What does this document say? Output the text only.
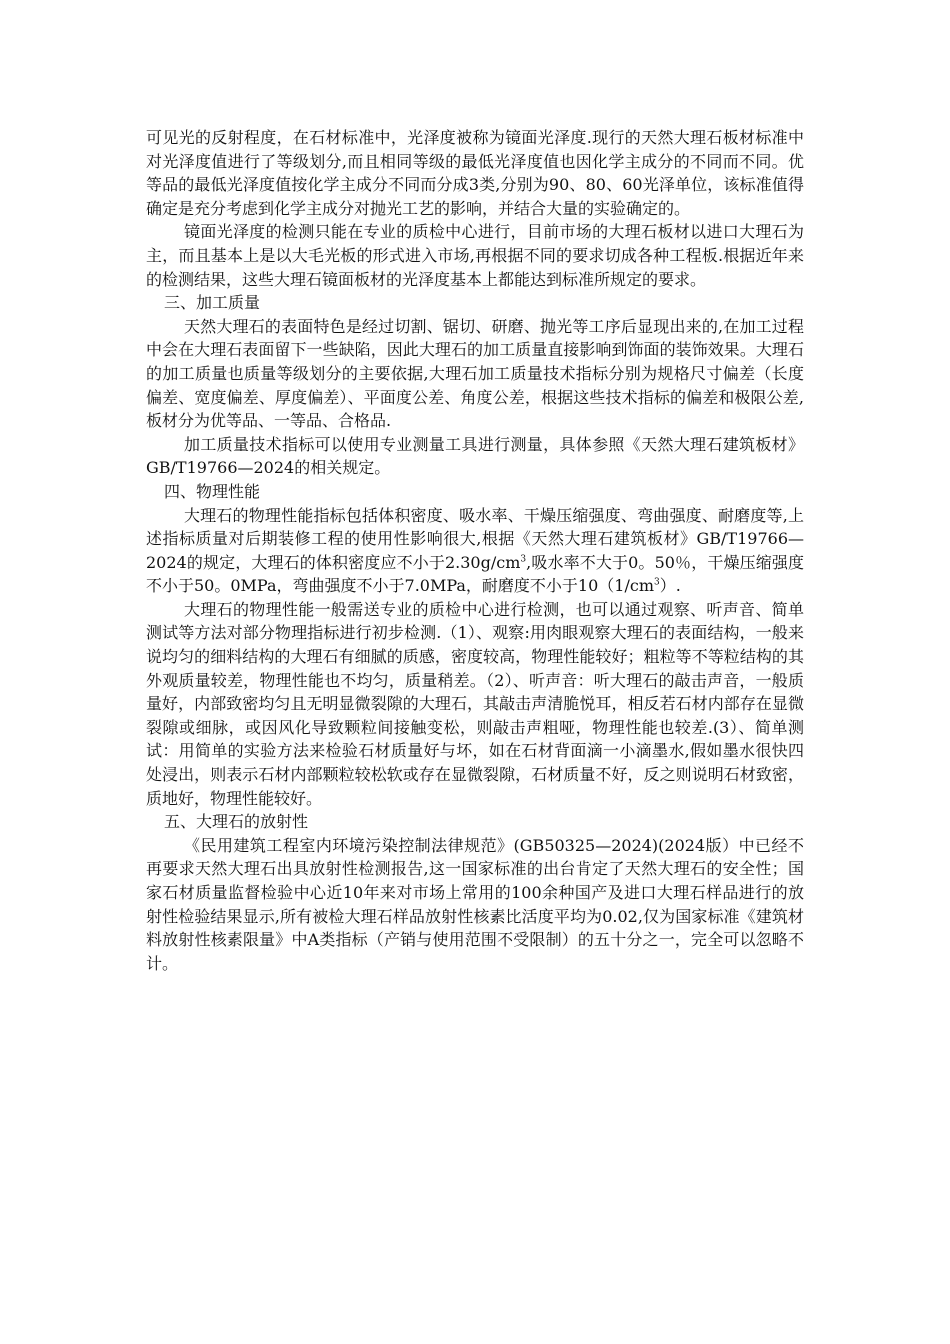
可见光的反射程度，在石材标准中，光泽度被称为镜面光泽度.现行的天然大理石板材标准中对光泽度值进行了等级划分,而且相同等级的最低光泽度值也因化学主成分的不同而不同。优等品的最低光泽度值按化学主成分不同而分成3类,分别为90、80、60光泽单位，该标准值得确定是充分考虑到化学主成分对抛光工艺的影响，并结合大量的实验确定的。

镜面光泽度的检测只能在专业的质检中心进行，目前市场的大理石板材以进口大理石为主，而且基本上是以大毛光板的形式进入市场,再根据不同的要求切成各种工程板.根据近年来的检测结果，这些大理石镜面板材的光泽度基本上都能达到标准所规定的要求。

三、加工质量

天然大理石的表面特色是经过切割、锯切、研磨、抛光等工序后显现出来的,在加工过程中会在大理石表面留下一些缺陷，因此大理石的加工质量直接影响到饰面的装饰效果。大理石的加工质量也质量等级划分的主要依据,大理石加工质量技术指标分别为规格尺寸偏差（长度偏差、宽度偏差、厚度偏差）、平面度公差、角度公差，根据这些技术指标的偏差和极限公差,板材分为优等品、一等品、合格品.

加工质量技术指标可以使用专业测量工具进行测量，具体参照《天然大理石建筑板材》GB/T19766—2024的相关规定。

四、物理性能

大理石的物理性能指标包括体积密度、吸水率、干燥压缩强度、弯曲强度、耐磨度等,上述指标质量对后期装修工程的使用性影响很大,根据《天然大理石建筑板材》GB/T19766—2024的规定，大理石的体积密度应不小于$2.30g/cm^3$,吸水率不大于0。50％，干燥压缩强度不小于50。0MPa，弯曲强度不小于7.0MPa，耐磨度不小于$10(1/cm^3)$.

大理石的物理性能一般需送专业的质检中心进行检测，也可以通过观察、听声音、简单测试等方法对部分物理指标进行初步检测.（1）、观察:用肉眼观察大理石的表面结构，一般来说均匀的细料结构的大理石有细腻的质感，密度较高，物理性能较好；粗粒等不等粒结构的其外观质量较差，物理性能也不均匀，质量稍差。（2）、听声音：听大理石的敲击声音，一般质量好，内部致密均匀且无明显微裂隙的大理石，其敲击声清脆悦耳，相反若石材内部存在显微裂隙或细脉，或因风化导致颗粒间接触变松，则敲击声粗哑，物理性能也较差.(3）、简单测试：用简单的实验方法来检验石材质量好与坏，如在石材背面滴一小滴墨水,假如墨水很快四处浸出，则表示石材内部颗粒较松软或存在显微裂隙，石材质量不好，反之则说明石材致密，质地好，物理性能较好。

五、大理石的放射性

《民用建筑工程室内环境污染控制法律规范》(GB50325—2024)(2024版）中已经不再要求天然大理石出具放射性检测报告,这一国家标准的出台肯定了天然大理石的安全性；国家石材质量监督检验中心近10年来对市场上常用的100余种国产及进口大理石样品进行的放射性检验结果显示,所有被检大理石样品放射性核素比活度平均为0.02,仅为国家标准《建筑材料放射性核素限量》中A类指标（产销与使用范围不受限制）的五十分之一，完全可以忽略不计。
